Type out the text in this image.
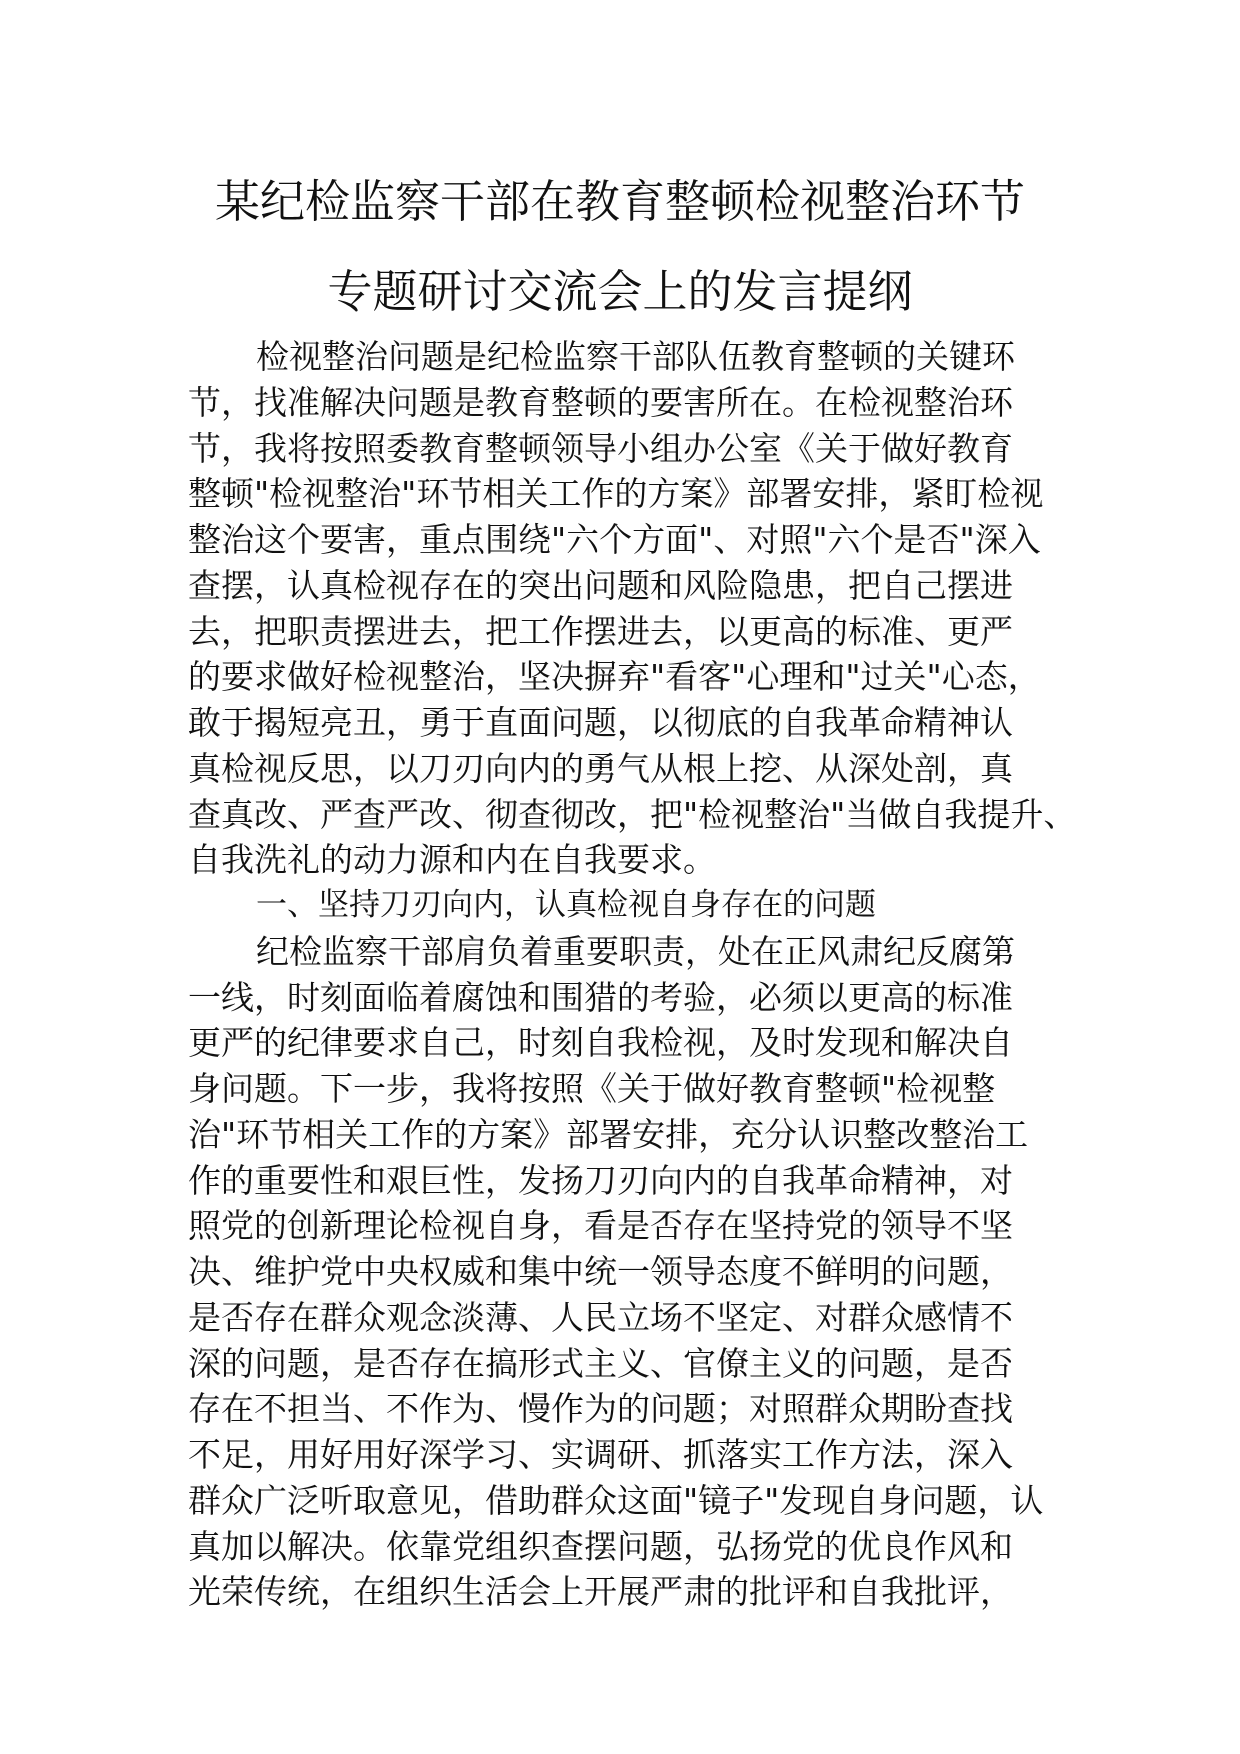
某纪检监察干部在教育整顿检视整治环节
专题研讨交流会上的发言提纲
检视整治问题是纪检监察干部队伍教育整顿的关键环
节，找准解决问题是教育整顿的要害所在。在检视整治环
节，我将按照委教育整顿领导小组办公室《关于做好教育
整顿"检视整治"环节相关工作的方案》部署安排，紧盯检视
整治这个要害，重点围绕"六个方面"、对照"六个是否"深入
查摆，认真检视存在的突出问题和风险隐患，把自己摆进
去，把职责摆进去，把工作摆进去，以更高的标准、更严
的要求做好检视整治，坚决摒弃"看客"心理和"过关"心态，
敢于揭短亮丑，勇于直面问题，以彻底的自我革命精神认
真检视反思，以刀刃向内的勇气从根上挖、从深处剖，真
查真改、严查严改、彻查彻改，把"检视整治"当做自我提升、
自我洗礼的动力源和内在自我要求。
一、坚持刀刃向内，认真检视自身存在的问题
纪检监察干部肩负着重要职责，处在正风肃纪反腐第
一线，时刻面临着腐蚀和围猎的考验，必须以更高的标准
更严的纪律要求自己，时刻自我检视，及时发现和解决自
身问题。下一步，我将按照《关于做好教育整顿"检视整
治"环节相关工作的方案》部署安排，充分认识整改整治工
作的重要性和艰巨性，发扬刀刃向内的自我革命精神，对
照党的创新理论检视自身，看是否存在坚持党的领导不坚
决、维护党中央权威和集中统一领导态度不鲜明的问题，
是否存在群众观念淡薄、人民立场不坚定、对群众感情不
深的问题，是否存在搞形式主义、官僚主义的问题，是否
存在不担当、不作为、慢作为的问题；对照群众期盼查找
不足，用好用好深学习、实调研、抓落实工作方法，深入
群众广泛听取意见，借助群众这面"镜子"发现自身问题，认
真加以解决。依靠党组织查摆问题，弘扬党的优良作风和
光荣传统，在组织生活会上开展严肃的批评和自我批评，
